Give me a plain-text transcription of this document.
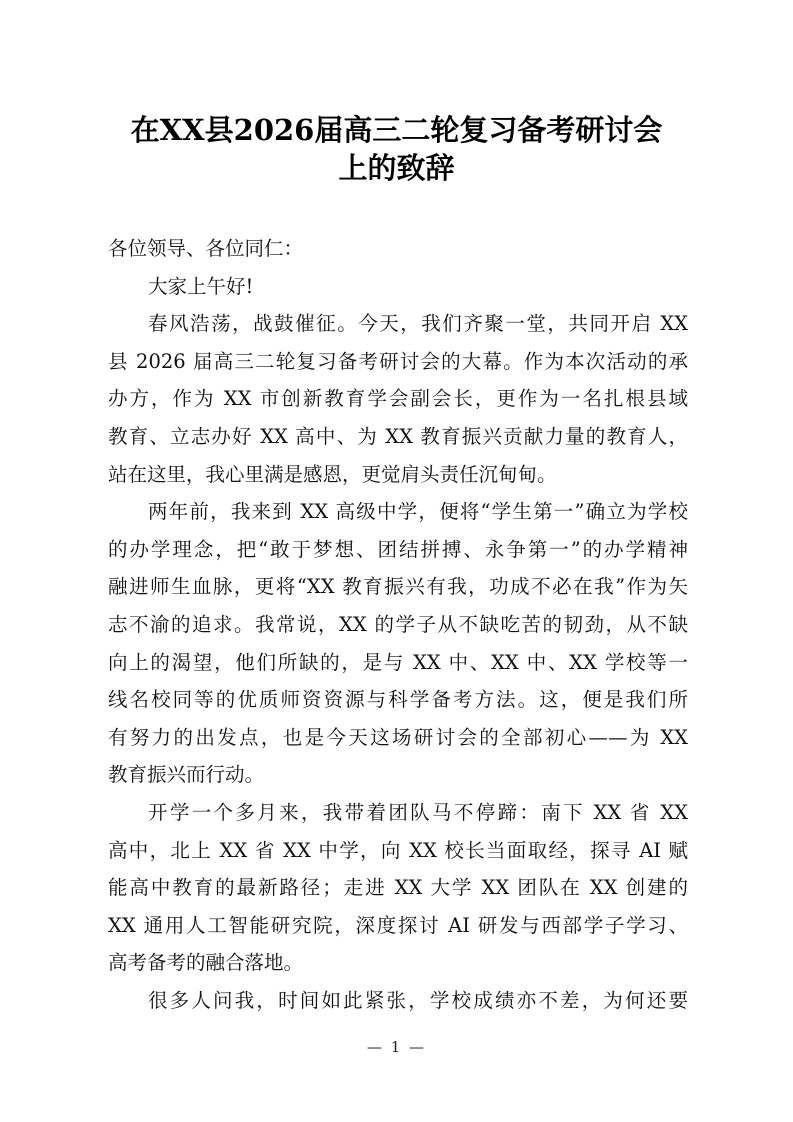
在XX县2026届高三二轮复习备考研讨会
上的致辞
各位领导、各位同仁：
大家上午好!
春风浩荡，战鼓催征。今天，我们齐聚一堂，共同开启 XX
县 2026 届高三二轮复习备考研讨会的大幕。作为本次活动的承
办方，作为 XX 市创新教育学会副会长，更作为一名扎根县域
教育、立志办好 XX 高中、为 XX 教育振兴贡献力量的教育人，
站在这里，我心里满是感恩，更觉肩头责任沉甸甸。
两年前，我来到 XX 高级中学，便将“学生第一”确立为学校
的办学理念，把“敢于梦想、团结拼搏、永争第一”的办学精神
融进师生血脉，更将“XX 教育振兴有我，功成不必在我”作为矢
志不渝的追求。我常说，XX 的学子从不缺吃苦的韧劲，从不缺
向上的渴望，他们所缺的，是与 XX 中、XX 中、XX 学校等一
线名校同等的优质师资资源与科学备考方法。这，便是我们所
有努力的出发点，也是今天这场研讨会的全部初心——为 XX
教育振兴而行动。
开学一个多月来，我带着团队马不停蹄：南下 XX 省 XX
高中，北上 XX 省 XX 中学，向 XX 校长当面取经，探寻 AI 赋
能高中教育的最新路径；走进 XX 大学 XX 团队在 XX 创建的
XX 通用人工智能研究院，深度探讨 AI 研发与西部学子学习、
高考备考的融合落地。
很多人问我，时间如此紧张，学校成绩亦不差，为何还要
— 1 —
